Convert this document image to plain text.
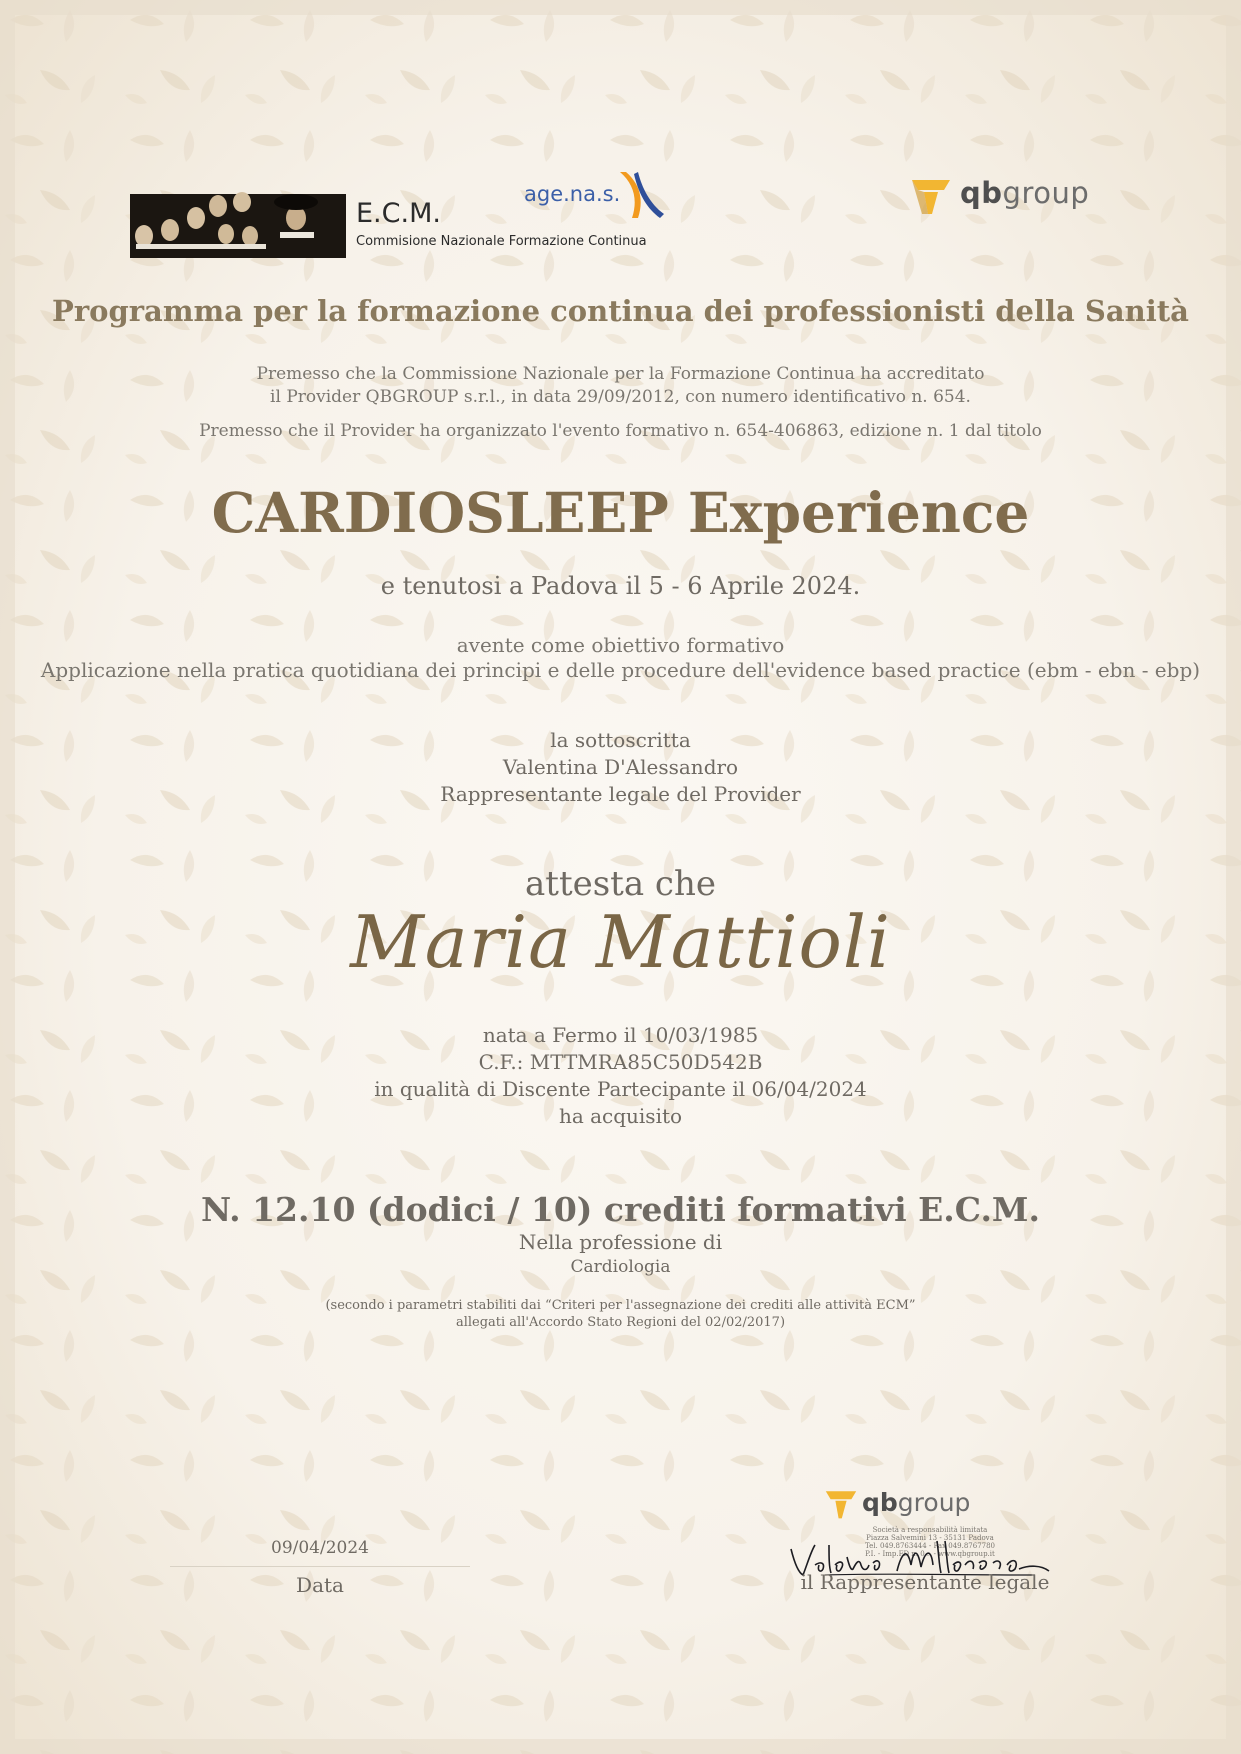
E.C.M.
Commisione Nazionale Formazione Continua
age.na.s.	qbgroup
Programma per la formazione continua dei professionisti della Sanità
Premesso che la Commissione Nazionale per la Formazione Continua ha accreditato
il Provider QBGROUP s.r.l., in data 29/09/2012, con numero identificativo n. 654.
Premesso che il Provider ha organizzato l'evento formativo n. 654-406863, edizione n. 1 dal titolo
CARDIOSLEEP Experience
e tenutosi a Padova il 5 - 6 Aprile 2024.
avente come obiettivo formativo
Applicazione nella pratica quotidiana dei principi e delle procedure dell'evidence based practice (ebm - ebn - ebp)
la sottoscritta
Valentina D'Alessandro
Rappresentante legale del Provider
attesta che
Maria Mattioli
nata a Fermo il 10/03/1985
C.F.: MTTMRA85C50D542B
in qualità di Discente Partecipante il 06/04/2024
ha acquisito
N. 12.10 (dodici / 10) crediti formativi E.C.M.
Nella professione di
Cardiologia
(secondo i parametri stabiliti dai “Criteri per l'assegnazione dei crediti alle attività ECM”
allegati all'Accordo Stato Regioni del 02/02/2017)
09/04/2024
Data
qbgroup
Società a responsabilità limitata
Piazza Salvemini 13 - 35131 Padova
Tel. 049.8763444 - Fax 049.8767780
P.I. - Imp.FD n. 0... - www.qbgroup.it
il Rappresentante legale
